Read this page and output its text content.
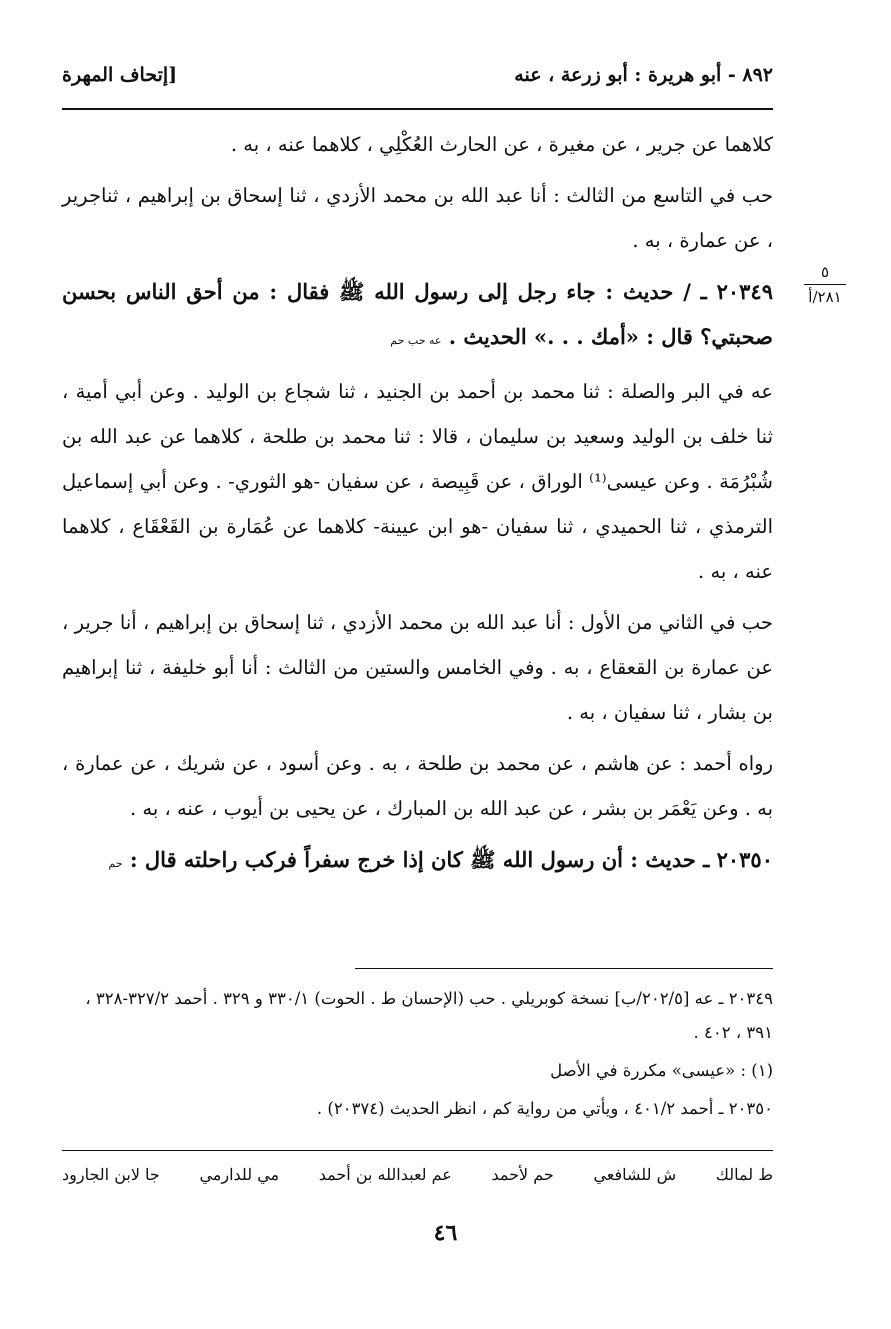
٨٩٢ - أبو هريرة : أبو زرعة ، عنه
[إتحاف المهرة
٥
٢٨١/أ

كلاهما عن جرير ، عن مغيرة ، عن الحارث العُكْلِي ، كلاهما عنه ، به .

حب في التاسع من الثالث : أنا عبد الله بن محمد الأزدي ، ثنا إسحاق بن إبراهيم ، ثناجرير ، عن عمارة ، به .

٢٠٣٤٩ ـ / حديث : جاء رجل إلى رسول الله ﷺ فقال : من أحق الناس بحسن صحبتي؟ قال : «أمك . . .» الحديث . عه حب حم

عه في البر والصلة : ثنا محمد بن أحمد بن الجنيد ، ثنا شجاع بن الوليد . وعن أبي أمية ، ثنا خلف بن الوليد وسعيد بن سليمان ، قالا : ثنا محمد بن طلحة ، كلاهما عن عبد الله بن شُبْرُمَة . وعن عيسى⁽¹⁾ الوراق ، عن قَبِيصة ، عن سفيان -هو الثوري- . وعن أبي إسماعيل الترمذي ، ثنا الحميدي ، ثنا سفيان -هو ابن عيينة- كلاهما عن عُمَارة بن القَعْقَاع ، كلاهما عنه ، به .

حب في الثاني من الأول : أنا عبد الله بن محمد الأزدي ، ثنا إسحاق بن إبراهيم ، أنا جرير ، عن عمارة بن القعقاع ، به . وفي الخامس والستين من الثالث : أنا أبو خليفة ، ثنا إبراهيم بن بشار ، ثنا سفيان ، به .

رواه أحمد : عن هاشم ، عن محمد بن طلحة ، به . وعن أسود ، عن شريك ، عن عمارة ، به . وعن يَعْمَر بن بشر ، عن عبد الله بن المبارك ، عن يحيى بن أيوب ، عنه ، به .

٢٠٣٥٠ ـ حديث : أن رسول الله ﷺ كان إذا خرج سفراً فركب راحلته قال : حم

٢٠٣٤٩ ـ عه [٢٠٢/٥/ب] نسخة كوبريلي . حب (الإحسان ط . الحوت) ٣٣٠/١ و ٣٢٩ . أحمد ٣٢٧/٢-٣٢٨ ، ٣٩١ ، ٤٠٢ .

(١) : «عيسى» مكررة في الأصل

٢٠٣٥٠ ـ أحمد ٤٠١/٢ ، ويأتي من رواية كم ، انظر الحديث (٢٠٣٧٤) .

ط لمالك
ش للشافعي
حم لأحمد
عم لعبدالله بن أحمد
مي للدارمي
جا لابن الجارود
٤٦
